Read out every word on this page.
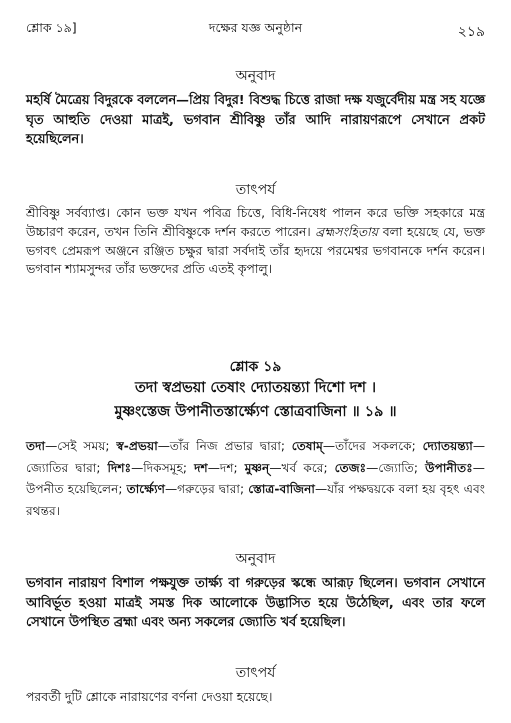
শ্লোক ১৯]	দক্ষের যজ্ঞ অনুষ্ঠান	২১৯
অনুবাদ
মহর্ষি মৈত্রেয় বিদুরকে বললেন—প্রিয় বিদুর! বিশুদ্ধ চিত্তে রাজা দক্ষ যজুর্বেদীয় মন্ত্র সহ যজ্ঞে ঘৃত আহুতি দেওয়া মাত্রই, ভগবান শ্রীবিষ্ণু তাঁর আদি নারায়ণরূপে সেখানে প্রকট হয়েছিলেন।
তাৎপর্য
শ্রীবিষ্ণু সর্বব্যাপ্ত। কোন ভক্ত যখন পবিত্র চিত্তে, বিধি-নিষেধ পালন করে ভক্তি সহকারে মন্ত্র উচ্চারণ করেন, তখন তিনি শ্রীবিষ্ণুকে দর্শন করতে পারেন। ব্রহ্মসংহিতায় বলা হয়েছে যে, ভক্ত ভগবৎ প্রেমরূপ অঞ্জনে রঞ্জিত চক্ষুর দ্বারা সর্বদাই তাঁর হৃদয়ে পরমেশ্বর ভগবানকে দর্শন করেন। ভগবান শ্যামসুন্দর তাঁর ভক্তদের প্রতি এতই কৃপালু।
শ্লোক ১৯
তদা স্বপ্রভয়া তেষাং দ্যোতয়ন্ত্যা দিশো দশ ।
মুষ্ণংস্তেজ উপানীতস্তার্ক্ষ্যেণ স্তোত্রবাজিনা ॥ ১৯ ॥
তদা—সেই সময়; স্ব-প্রভয়া—তাঁর নিজ প্রভার দ্বারা; তেষাম্—তাঁদের সকলকে; দ্যোতয়ন্ত্যা—জ্যোতির দ্বারা; দিশঃ—দিকসমূহ; দশ—দশ; মুষ্ণন্—খর্ব করে; তেজঃ—জ্যোতি; উপানীতঃ—উপনীত হয়েছিলেন; তার্ক্ষ্যেণ—গরুড়ের দ্বারা; স্তোত্র-বাজিনা—যাঁর পক্ষদ্বয়কে বলা হয় বৃহৎ এবং রথন্তর।
অনুবাদ
ভগবান নারায়ণ বিশাল পক্ষযুক্ত তার্ক্ষ্য বা গরুড়ের স্কন্ধে আরূঢ় ছিলেন। ভগবান সেখানে আবির্ভূত হওয়া মাত্রই সমস্ত দিক আলোকে উদ্ভাসিত হয়ে উঠেছিল, এবং তার ফলে সেখানে উপস্থিত ব্রহ্মা এবং অন্য সকলের জ্যোতি খর্ব হয়েছিল।
তাৎপর্য
পরবর্তী দুটি শ্লোকে নারায়ণের বর্ণনা দেওয়া হয়েছে।
